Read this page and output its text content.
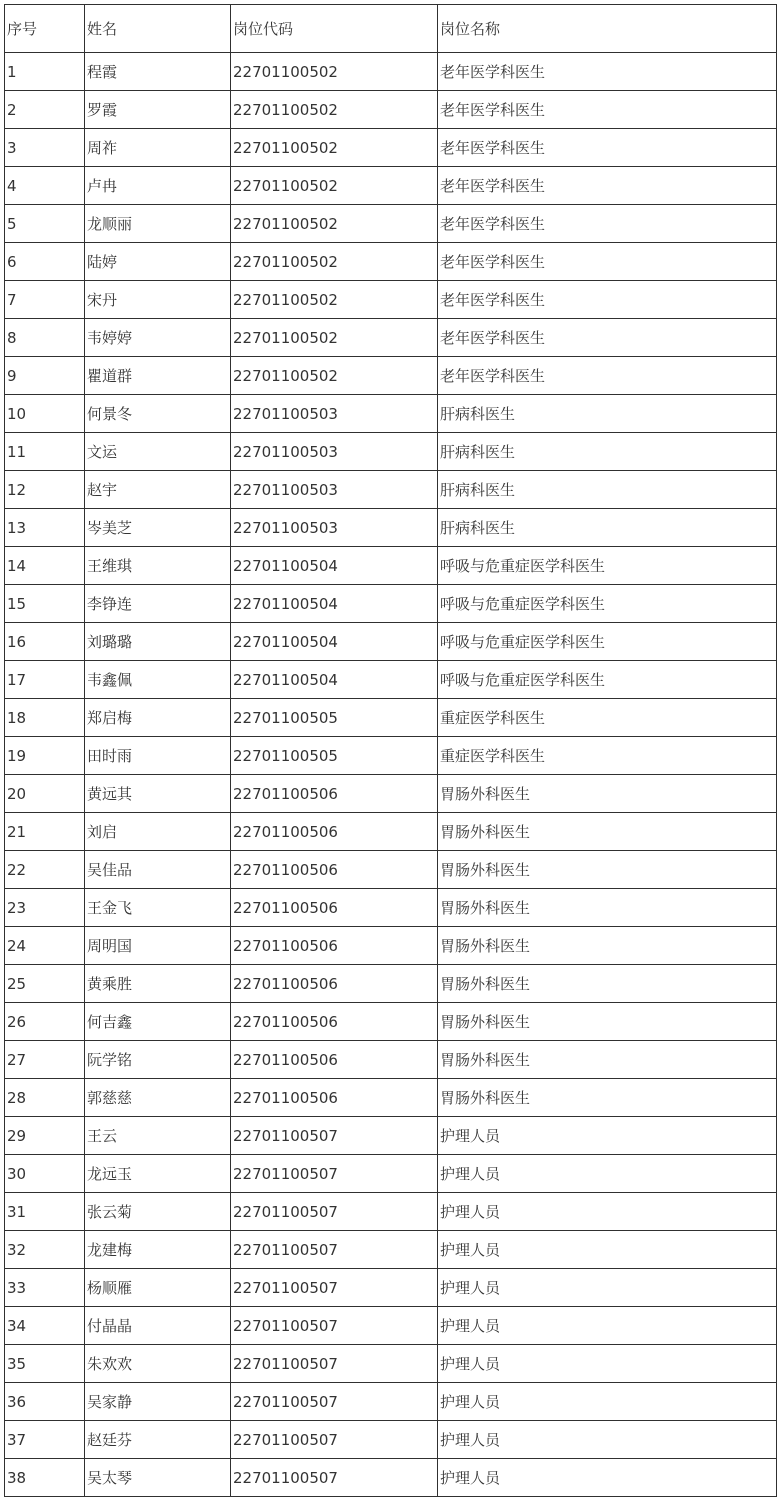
序号	姓名	岗位代码	岗位名称
1	程霞	22701100502	老年医学科医生
2	罗霞	22701100502	老年医学科医生
3	周祚	22701100502	老年医学科医生
4	卢冉	22701100502	老年医学科医生
5	龙顺丽	22701100502	老年医学科医生
6	陆婷	22701100502	老年医学科医生
7	宋丹	22701100502	老年医学科医生
8	韦婷婷	22701100502	老年医学科医生
9	瞿道群	22701100502	老年医学科医生
10	何景冬	22701100503	肝病科医生
11	文运	22701100503	肝病科医生
12	赵宇	22701100503	肝病科医生
13	岑美芝	22701100503	肝病科医生
14	王维琪	22701100504	呼吸与危重症医学科医生
15	李铮连	22701100504	呼吸与危重症医学科医生
16	刘璐璐	22701100504	呼吸与危重症医学科医生
17	韦鑫佩	22701100504	呼吸与危重症医学科医生
18	郑启梅	22701100505	重症医学科医生
19	田时雨	22701100505	重症医学科医生
20	黄远其	22701100506	胃肠外科医生
21	刘启	22701100506	胃肠外科医生
22	吴佳品	22701100506	胃肠外科医生
23	王金飞	22701100506	胃肠外科医生
24	周明国	22701100506	胃肠外科医生
25	黄乘胜	22701100506	胃肠外科医生
26	何吉鑫	22701100506	胃肠外科医生
27	阮学铭	22701100506	胃肠外科医生
28	郭慈慈	22701100506	胃肠外科医生
29	王云	22701100507	护理人员
30	龙远玉	22701100507	护理人员
31	张云菊	22701100507	护理人员
32	龙建梅	22701100507	护理人员
33	杨顺雁	22701100507	护理人员
34	付晶晶	22701100507	护理人员
35	朱欢欢	22701100507	护理人员
36	吴家静	22701100507	护理人员
37	赵廷芬	22701100507	护理人员
38	吴太琴	22701100507	护理人员
